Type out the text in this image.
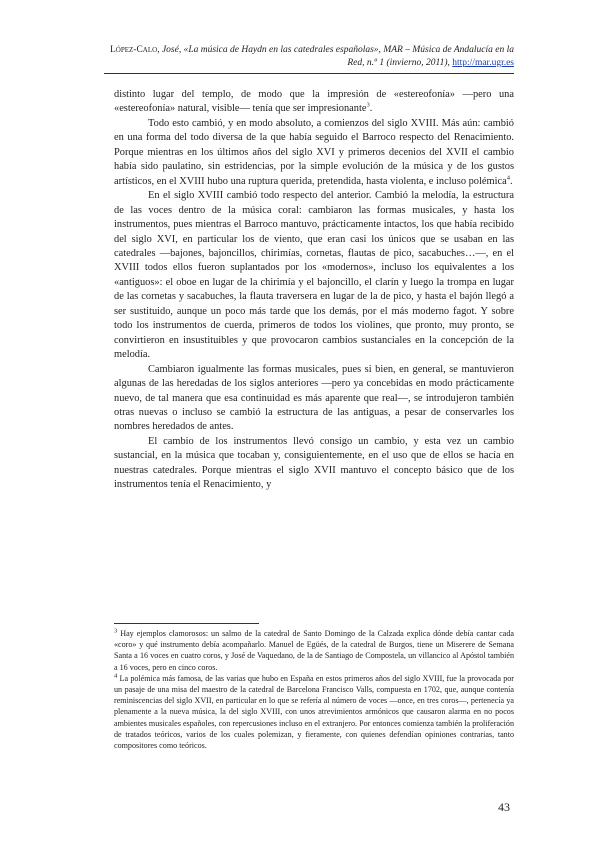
López-Calo, José, «La música de Haydn en las catedrales españolas», MAR – Música de Andalucía en la Red, n.º 1 (invierno, 2011), http://mar.ugr.es

distinto lugar del templo, de modo que la impresión de «estereofonía» —pero una «estereofonía» natural, visible— tenía que ser impresionante$^3$.

Todo esto cambió, y en modo absoluto, a comienzos del siglo XVIII. Más aún: cambió en una forma del todo diversa de la que había seguido el Barroco respecto del Renacimiento. Porque mientras en los últimos años del siglo XVI y primeros decenios del XVII el cambio había sido paulatino, sin estridencias, por la simple evolución de la música y de los gustos artísticos, en el XVIII hubo una ruptura querida, pretendida, hasta violenta, e incluso polémica$^4$.

En el siglo XVIII cambió todo respecto del anterior. Cambió la melodía, la estructura de las voces dentro de la música coral: cambiaron las formas musicales, y hasta los instrumentos, pues mientras el Barroco mantuvo, prácticamente intactos, los que había recibido del siglo XVI, en particular los de viento, que eran casi los únicos que se usaban en las catedrales —bajones, bajoncillos, chirimías, cornetas, flautas de pico, sacabuches…—, en el XVIII todos ellos fueron suplantados por los «modernos», incluso los equivalentes a los «antiguos»: el oboe en lugar de la chirimía y el bajoncillo, el clarín y luego la trompa en lugar de las cornetas y sacabuches, la flauta traversera en lugar de la de pico, y hasta el bajón llegó a ser sustituido, aunque un poco más tarde que los demás, por el más moderno fagot. Y sobre todo los instrumentos de cuerda, primeros de todos los violines, que pronto, muy pronto, se convirtieron en insustituibles y que provocaron cambios sustanciales en la concepción de la melodía.

Cambiaron igualmente las formas musicales, pues si bien, en general, se mantuvieron algunas de las heredadas de los siglos anteriores —pero ya concebidas en modo prácticamente nuevo, de tal manera que esa continuidad es más aparente que real—, se introdujeron también otras nuevas o incluso se cambió la estructura de las antiguas, a pesar de conservarles los nombres heredados de antes.

El cambio de los instrumentos llevó consigo un cambio, y esta vez un cambio sustancial, en la música que tocaban y, consiguientemente, en el uso que de ellos se hacía en nuestras catedrales. Porque mientras el siglo XVII mantuvo el concepto básico que de los instrumentos tenía el Renacimiento, y

$^3$ Hay ejemplos clamorosos: un salmo de la catedral de Santo Domingo de la Calzada explica dónde debía cantar cada «coro» y qué instrumento debía acompañarlo. Manuel de Egüés, de la catedral de Burgos, tiene un Miserere de Semana Santa a 16 voces en cuatro coros, y José de Vaquedano, de la de Santiago de Compostela, un villancico al Apóstol también a 16 voces, pero en cinco coros.

$^4$ La polémica más famosa, de las varias que hubo en España en estos primeros años del siglo XVIII, fue la provocada por un pasaje de una misa del maestro de la catedral de Barcelona Francisco Valls, compuesta en 1702, que, aunque contenía reminiscencias del siglo XVII, en particular en lo que se refería al número de voces —once, en tres coros—, pertenecía ya plenamente a la nueva música, la del siglo XVIII, con unos atrevimientos armónicos que causaron alarma en no pocos ambientes musicales españoles, con repercusiones incluso en el extranjero. Por entonces comienza también la proliferación de tratados teóricos, varios de los cuales polemizan, y fieramente, con quienes defendían opiniones contrarias, tanto compositores como teóricos.

43
